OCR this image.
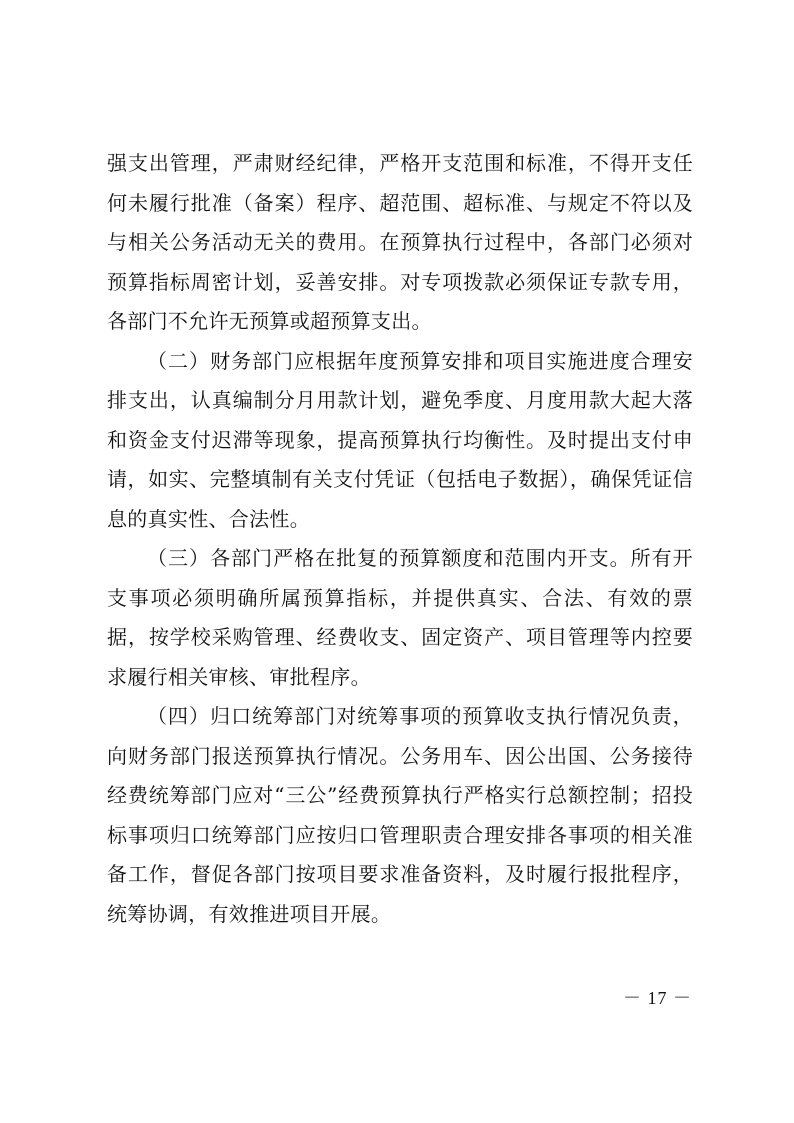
强支出管理，严肃财经纪律，严格开支范围和标准，不得开支任何未履行批准（备案）程序、超范围、超标准、与规定不符以及与相关公务活动无关的费用。在预算执行过程中，各部门必须对预算指标周密计划，妥善安排。对专项拨款必须保证专款专用，各部门不允许无预算或超预算支出。

（二）财务部门应根据年度预算安排和项目实施进度合理安排支出，认真编制分月用款计划，避免季度、月度用款大起大落和资金支付迟滞等现象，提高预算执行均衡性。及时提出支付申请，如实、完整填制有关支付凭证（包括电子数据），确保凭证信息的真实性、合法性。

（三）各部门严格在批复的预算额度和范围内开支。所有开支事项必须明确所属预算指标，并提供真实、合法、有效的票据，按学校采购管理、经费收支、固定资产、项目管理等内控要求履行相关审核、审批程序。

（四）归口统筹部门对统筹事项的预算收支执行情况负责，向财务部门报送预算执行情况。公务用车、因公出国、公务接待经费统筹部门应对“三公”经费预算执行严格实行总额控制；招投标事项归口统筹部门应按归口管理职责合理安排各事项的相关准备工作，督促各部门按项目要求准备资料，及时履行报批程序，统筹协调，有效推进项目开展。

－ 17 －
